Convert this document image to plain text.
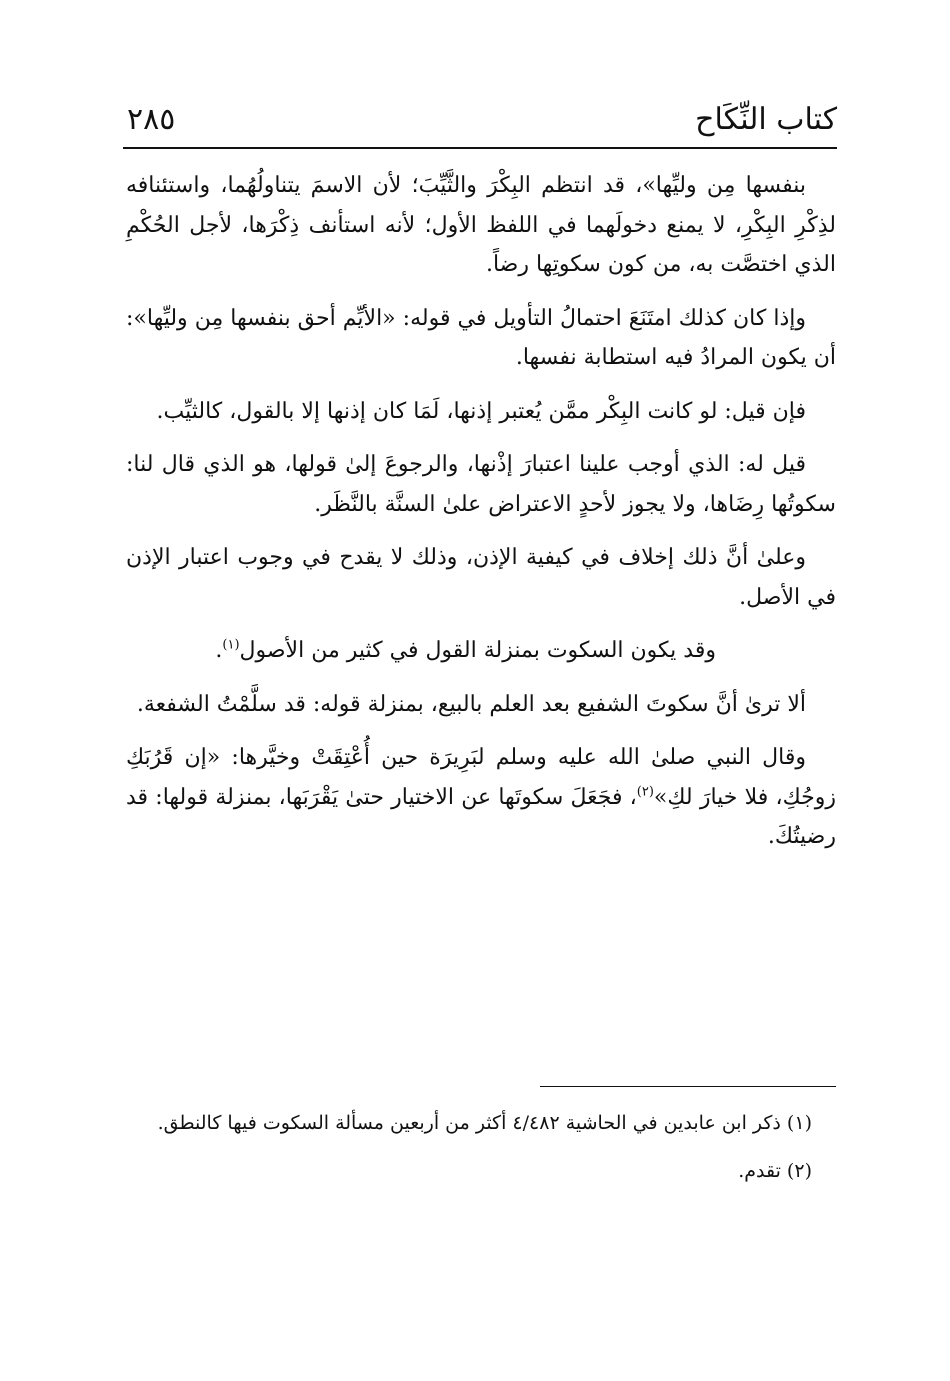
كتاب النِّكَاح
٢٨٥

بنفسها مِن وليِّها»، قد انتظم البِكْرَ والثَّيِّبَ؛ لأن الاسمَ يتناولُهُما، واستئنافه لذِكْرِ البِكْرِ، لا يمنع دخولَهما في اللفظ الأول؛ لأنه استأنف ذِكْرَها، لأجل الحُكْمِ الذي اختصَّت به، من كون سكوتِها رضاً.

وإذا كان كذلك امتَنَعَ احتمالُ التأويل في قوله: «الأيِّم أحق بنفسها مِن وليِّها»: أن يكون المرادُ فيه استطابة نفسها.

فإن قيل: لو كانت البِكْر ممَّن يُعتبر إذنها، لَمَا كان إذنها إلا بالقول، كالثيِّب.

قيل له: الذي أوجب علينا اعتبارَ إذْنها، والرجوعَ إلىٰ قولها، هو الذي قال لنا: سكوتُها رِضَاها، ولا يجوز لأحدٍ الاعتراض علىٰ السنَّة بالنَّظَر.

وعلىٰ أنَّ ذلك إخلاف في كيفية الإذن، وذلك لا يقدح في وجوب اعتبار الإذن في الأصل.

وقد يكون السكوت بمنزلة القول في كثير من الأصول$^{(١)}$.

ألا ترىٰ أنَّ سكوتَ الشفيع بعد العلم بالبيع، بمنزلة قوله: قد سلَّمْتُ الشفعة.

وقال النبي صلىٰ الله عليه وسلم لبَرِيرَة حين أُعْتِقَتْ وخيَّرها: «إن قَرُبَكِ زوجُكِ، فلا خيارَ لكِ»$^{(٢)}$، فجَعَلَ سكوتَها عن الاختيار حتىٰ يَقْرَبَها، بمنزلة قولها: قد رضيتُكَ.

(١) ذكر ابن عابدين في الحاشية ٤/٤٨٢ أكثر من أربعين مسألة السكوت فيها كالنطق.

(٢) تقدم.
